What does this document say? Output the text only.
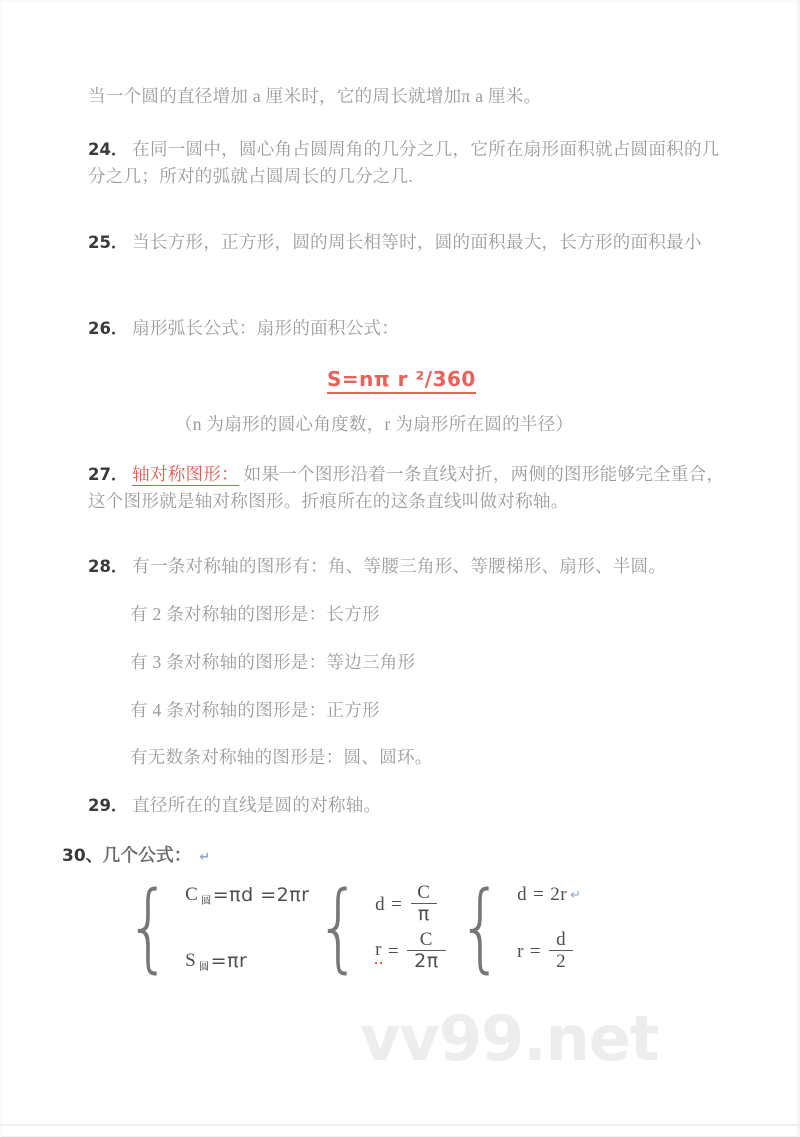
vv99.net
当一个圆的直径增加 a 厘米时，它的周长就增加π a 厘米。
24． 在同一圆中，圆心角占圆周角的几分之几，它所在扇形面积就占圆面积的几分之几；所对的弧就占圆周长的几分之几.
25． 当长方形，正方形，圆的周长相等时，圆的面积最大，长方形的面积最小
26． 扇形弧长公式：扇形的面积公式：
S=nπ r ²/360
（n 为扇形的圆心角度数，r 为扇形所在圆的半径）
27． 轴对称图形： 如果一个图形沿着一条直线对折，两侧的图形能够完全重合，这个图形就是轴对称图形。折痕所在的这条直线叫做对称轴。
28． 有一条对称轴的图形有：角、等腰三角形、等腰梯形、扇形、半圆。
有 2 条对称轴的图形是：长方形
有 3 条对称轴的图形是：等边三角形
有 4 条对称轴的图形是：正方形
有无数条对称轴的图形是：圆、圆环。
29． 直径所在的直线是圆的对称轴。
30、几个公式： ↵
{ C 圆 =πd =2πr
S 圆 =πr { $d = \frac{C}{\pi}$
$r = \frac{C}{2\pi}$ { d = 2r ↵
$r = \frac{d}{2}$
